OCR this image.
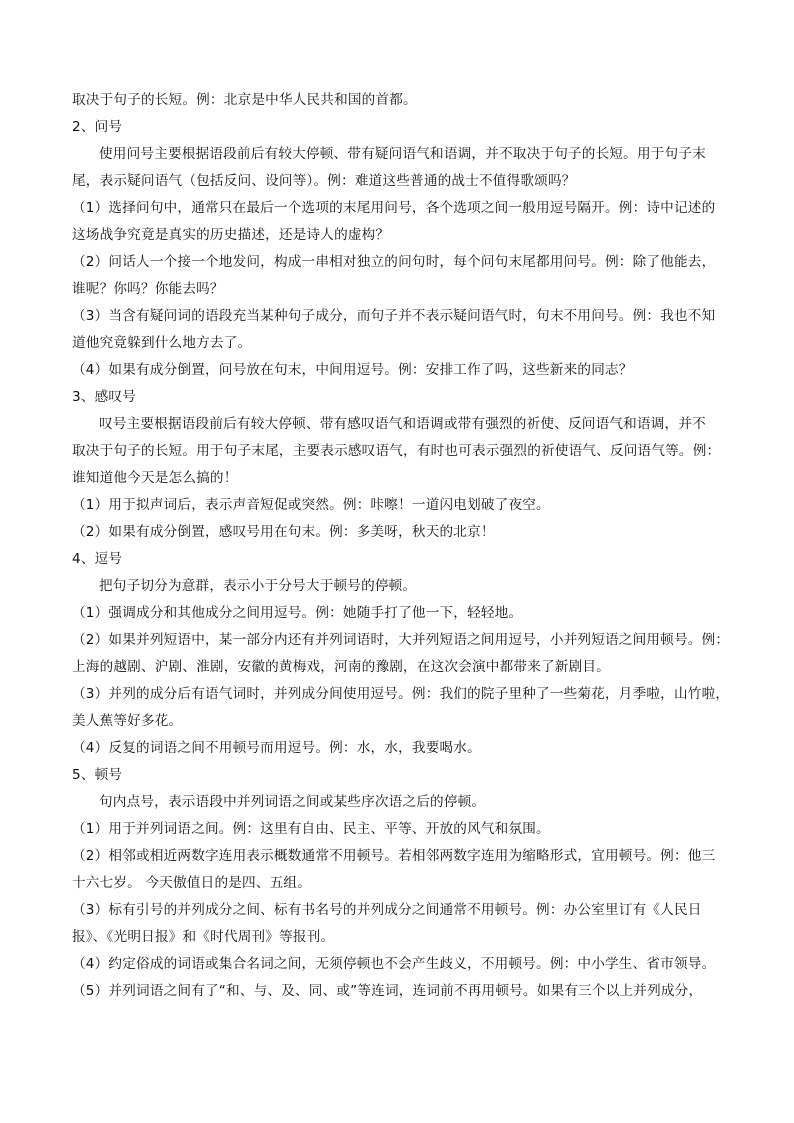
取决于句子的长短。例：北京是中华人民共和国的首都。
2、问号
使用问号主要根据语段前后有较大停顿、带有疑问语气和语调，并不取决于句子的长短。用于句子末
尾，表示疑问语气（包括反问、设问等）。例：难道这些普通的战士不值得歌颂吗？
（1）选择问句中，通常只在最后一个选项的末尾用问号，各个选项之间一般用逗号隔开。例：诗中记述的
这场战争究竟是真实的历史描述，还是诗人的虚构？
（2）问话人一个接一个地发问，构成一串相对独立的问句时，每个问句末尾都用问号。例：除了他能去，
谁呢？你吗？你能去吗？
（3）当含有疑问词的语段充当某种句子成分，而句子并不表示疑问语气时，句末不用问号。例：我也不知
道他究竟躲到什么地方去了。
（4）如果有成分倒置，问号放在句末，中间用逗号。例：安排工作了吗，这些新来的同志？
3、感叹号
叹号主要根据语段前后有较大停顿、带有感叹语气和语调或带有强烈的祈使、反问语气和语调，并不
取决于句子的长短。用于句子末尾，主要表示感叹语气，有时也可表示强烈的祈使语气、反问语气等。例：
谁知道他今天是怎么搞的！
（1）用于拟声词后，表示声音短促或突然。例：咔嚓！一道闪电划破了夜空。
（2）如果有成分倒置，感叹号用在句末。例：多美呀，秋天的北京！
4、逗号
把句子切分为意群，表示小于分号大于顿号的停顿。
（1）强调成分和其他成分之间用逗号。例：她随手打了他一下，轻轻地。
（2）如果并列短语中，某一部分内还有并列词语时，大并列短语之间用逗号，小并列短语之间用顿号。例：
上海的越剧、沪剧、淮剧，安徽的黄梅戏，河南的豫剧，在这次会演中都带来了新剧目。
（3）并列的成分后有语气词时，并列成分间使用逗号。例：我们的院子里种了一些菊花，月季啦，山竹啦，
美人蕉等好多花。
（4）反复的词语之间不用顿号而用逗号。例：水，水，我要喝水。
5、顿号
句内点号，表示语段中并列词语之间或某些序次语之后的停顿。
（1）用于并列词语之间。例：这里有自由、民主、平等、开放的风气和氛围。
（2）相邻或相近两数字连用表示概数通常不用顿号。若相邻两数字连用为缩略形式，宜用顿号。例：他三
十六七岁。 今天傲值日的是四、五组。
（3）标有引号的并列成分之间、标有书名号的并列成分之间通常不用顿号。例：办公室里订有《人民日
报》、《光明日报》和《时代周刊》等报刊。
（4）约定俗成的词语或集合名词之间，无须停顿也不会产生歧义，不用顿号。例：中小学生、省市领导。
（5）并列词语之间有了“和、与、及、同、或”等连词，连词前不再用顿号。如果有三个以上并列成分，
